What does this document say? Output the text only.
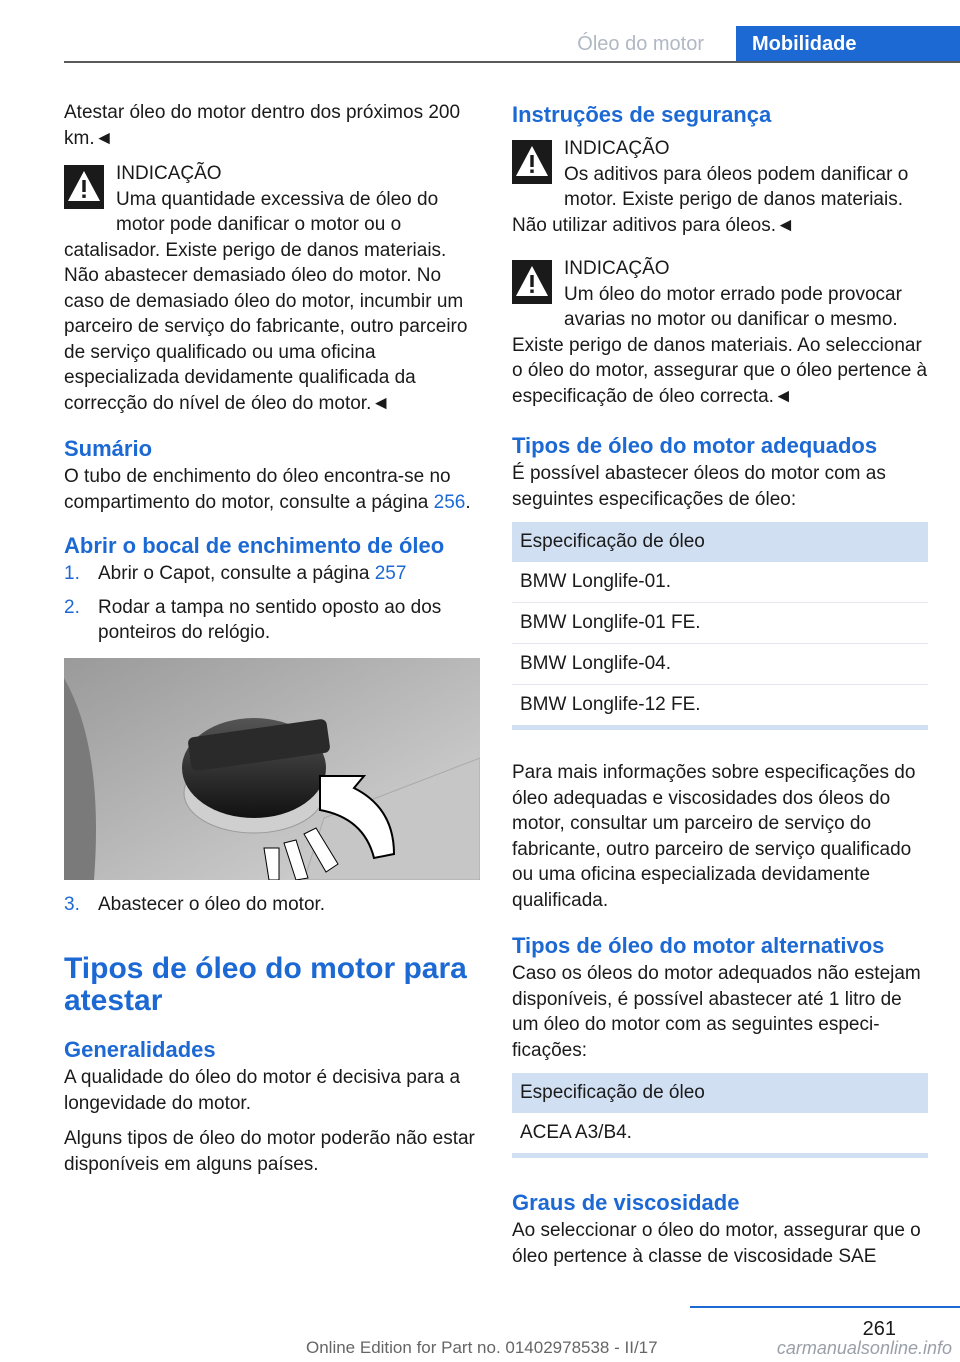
Óleo do motor	Mobilidade

Atestar óleo do motor dentro dos próximos 200 km.◄

INDICAÇÃO
Uma quantidade excessiva de óleo do motor pode danificar o motor ou o catalisador. Existe perigo de danos materiais. Não abastecer demasiado óleo do motor. No caso de demasiado óleo do motor, incumbir um parceiro de serviço do fabricante, outro parceiro de serviço qualificado ou uma oficina especializada devidamente qualificada da correcção do nível de óleo do motor.◄
Sumário

O tubo de enchimento do óleo encontra-se no compartimento do motor, consulte a página 256.

Abrir o bocal de enchimento de óleo
1. Abrir o Capot, consulte a página 257
2. Rodar a tampa no sentido oposto ao dos ponteiros do relógio.
3. Abastecer o óleo do motor.
Tipos de óleo do motor para atestar
Generalidades

A qualidade do óleo do motor é decisiva para a longevidade do motor.

Alguns tipos de óleo do motor poderão não estar disponíveis em alguns países.

Instruções de segurança
INDICAÇÃO
Os aditivos para óleos podem danificar o motor. Existe perigo de danos materiais. Não utilizar aditivos para óleos.◄
INDICAÇÃO
Um óleo do motor errado pode provocar avarias no motor ou danificar o mesmo. Existe perigo de danos materiais. Ao seleccionar o óleo do motor, assegurar que o óleo pertence à especificação de óleo correcta.◄
Tipos de óleo do motor adequados

É possível abastecer óleos do motor com as seguintes especificações de óleo:

Especificação de óleo
BMW Longlife-01.
BMW Longlife-01 FE.
BMW Longlife-04.
BMW Longlife-12 FE.

Para mais informações sobre especificações do óleo adequadas e viscosidades dos óleos do motor, consultar um parceiro de serviço do fabricante, outro parceiro de serviço qualificado ou uma oficina especializada devidamente qualificada.

Tipos de óleo do motor alternativos

Caso os óleos do motor adequados não estejam disponíveis, é possível abastecer até 1 litro de um óleo do motor com as seguintes especificações:

Especificação de óleo
ACEA A3/B4.

Graus de viscosidade

Ao seleccionar o óleo do motor, assegurar que o óleo pertence à classe de viscosidade SAE

261
Online Edition for Part no. 01402978538 - II/17	carmanualsonline.info
